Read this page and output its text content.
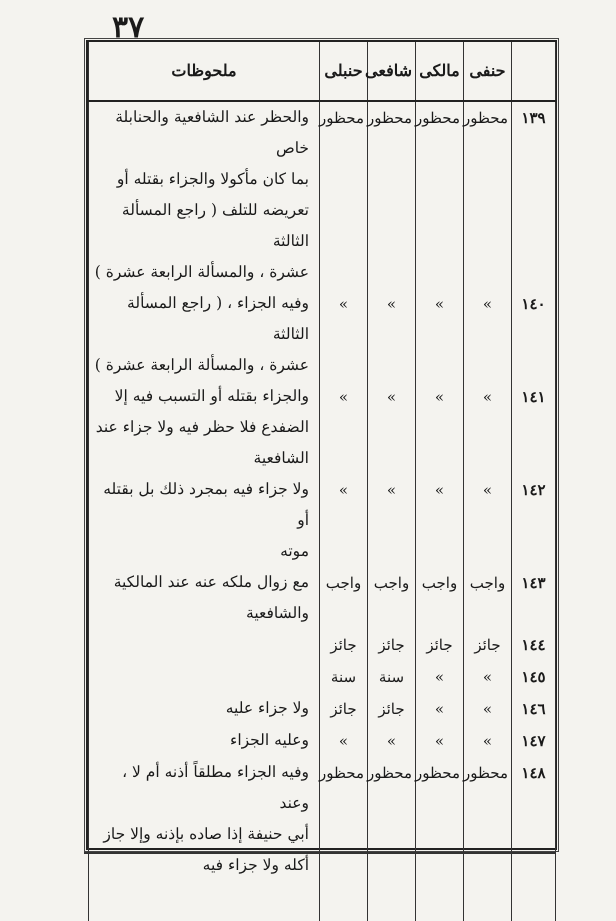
٣٧
	حنفى	مالكى	شافعى	حنبلى	ملحوظات
١٣٩	محظور	محظور	محظور	محظور	والحظر عند الشافعية والحنابلة خاص
بما كان مأكولا والجزاء بقتله أو
تعريضه للتلف ( راجع المسألة الثالثة
عشرة ، والمسألة الرابعة عشرة )

١٤٠	»	»	»	»	وفيه الجزاء ، ( راجع المسألة الثالثة
عشرة ، والمسألة الرابعة عشرة )

١٤١	»	»	»	»	والجزاء بقتله أو التسبب فيه إلا
الضفدع فلا حظر فيه ولا جزاء عند
الشافعية

١٤٢	»	»	»	»	ولا جزاء فيه بمجرد ذلك بل بقتله أو
موته

١٤٣	واجب	واجب	واجب	واجب	مع زوال ملكه عنه عند المالكية
والشافعية

١٤٤	جائز	جائز	جائز	جائز	

١٤٥	»	»	سنة	سنة	

١٤٦	»	»	جائز	جائز	ولا جزاء عليه

١٤٧	»	»	»	»	وعليه الجزاء

١٤٨	محظور	محظور	محظور	محظور	وفيه الجزاء مطلقاً أذنه أم لا ، وعند
أبي حنيفة إذا صاده بإذنه وإلا جاز
أكله ولا جزاء فيه
